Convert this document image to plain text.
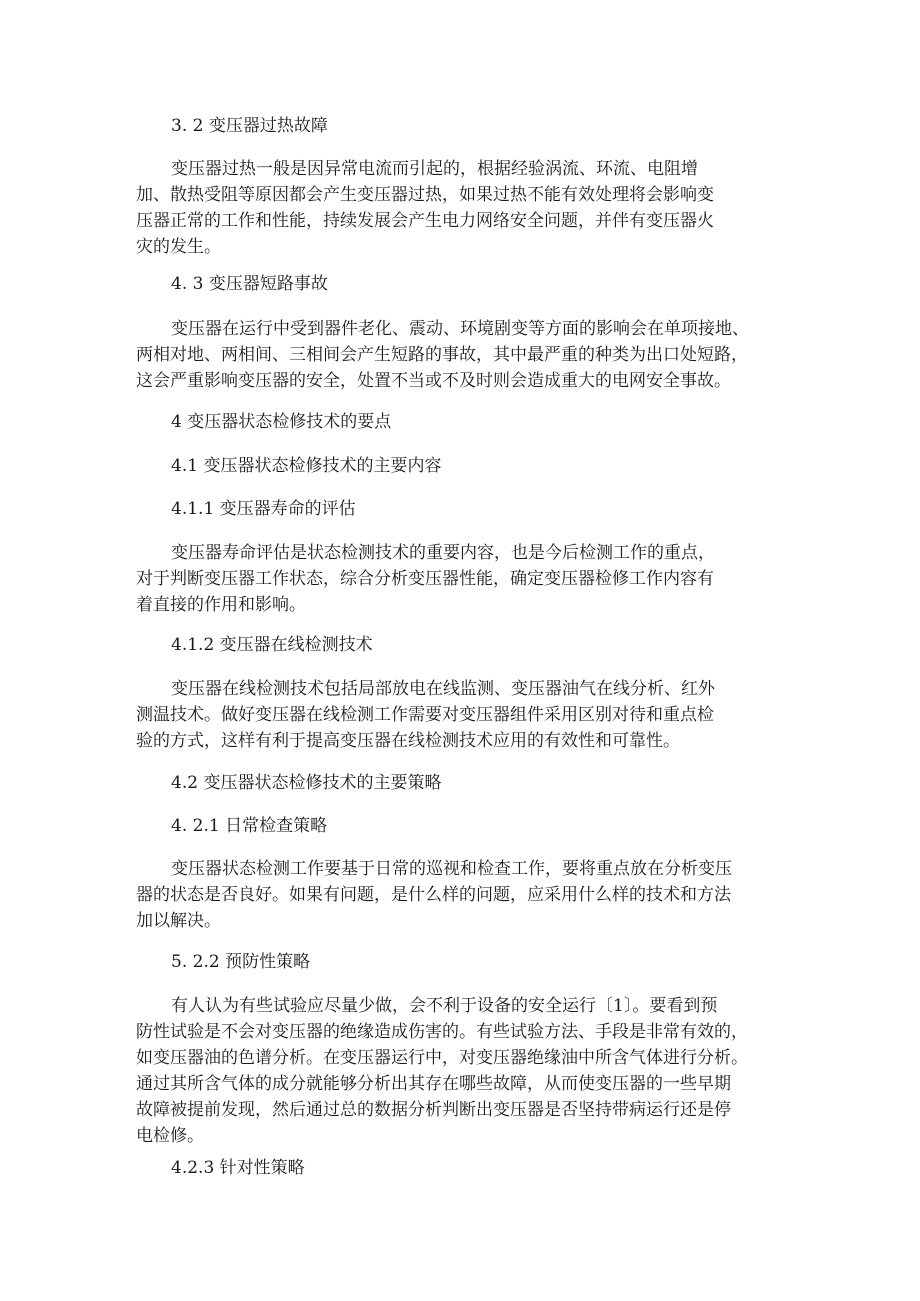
3. 2 变压器过热故障
变压器过热一般是因异常电流而引起的，根据经验涡流、环流、电阻增
加、散热受阻等原因都会产生变压器过热，如果过热不能有效处理将会影响变
压器正常的工作和性能，持续发展会产生电力网络安全问题，并伴有变压器火
灾的发生。
4. 3 变压器短路事故
变压器在运行中受到器件老化、震动、环境剧变等方面的影响会在单项接地、
两相对地、两相间、三相间会产生短路的事故，其中最严重的种类为出口处短路，
这会严重影响变压器的安全，处置不当或不及时则会造成重大的电网安全事故。
4 变压器状态检修技术的要点
4.1 变压器状态检修技术的主要内容
4.1.1 变压器寿命的评估
变压器寿命评估是状态检测技术的重要内容，也是今后检测工作的重点，
对于判断变压器工作状态，综合分析变压器性能，确定变压器检修工作内容有
着直接的作用和影响。
4.1.2 变压器在线检测技术
变压器在线检测技术包括局部放电在线监测、变压器油气在线分析、红外
测温技术。做好变压器在线检测工作需要对变压器组件采用区别对待和重点检
验的方式，这样有利于提高变压器在线检测技术应用的有效性和可靠性。
4.2 变压器状态检修技术的主要策略
4. 2.1 日常检查策略
变压器状态检测工作要基于日常的巡视和检查工作，要将重点放在分析变压
器的状态是否良好。如果有问题，是什么样的问题，应采用什么样的技术和方法
加以解决。
5. 2.2 预防性策略
有人认为有些试验应尽量少做，会不利于设备的安全运行〔1〕。要看到预
防性试验是不会对变压器的绝缘造成伤害的。有些试验方法、手段是非常有效的，
如变压器油的色谱分析。在变压器运行中，对变压器绝缘油中所含气体进行分析。
通过其所含气体的成分就能够分析出其存在哪些故障，从而使变压器的一些早期
故障被提前发现，然后通过总的数据分析判断出变压器是否坚持带病运行还是停
电检修。
4.2.3 针对性策略
